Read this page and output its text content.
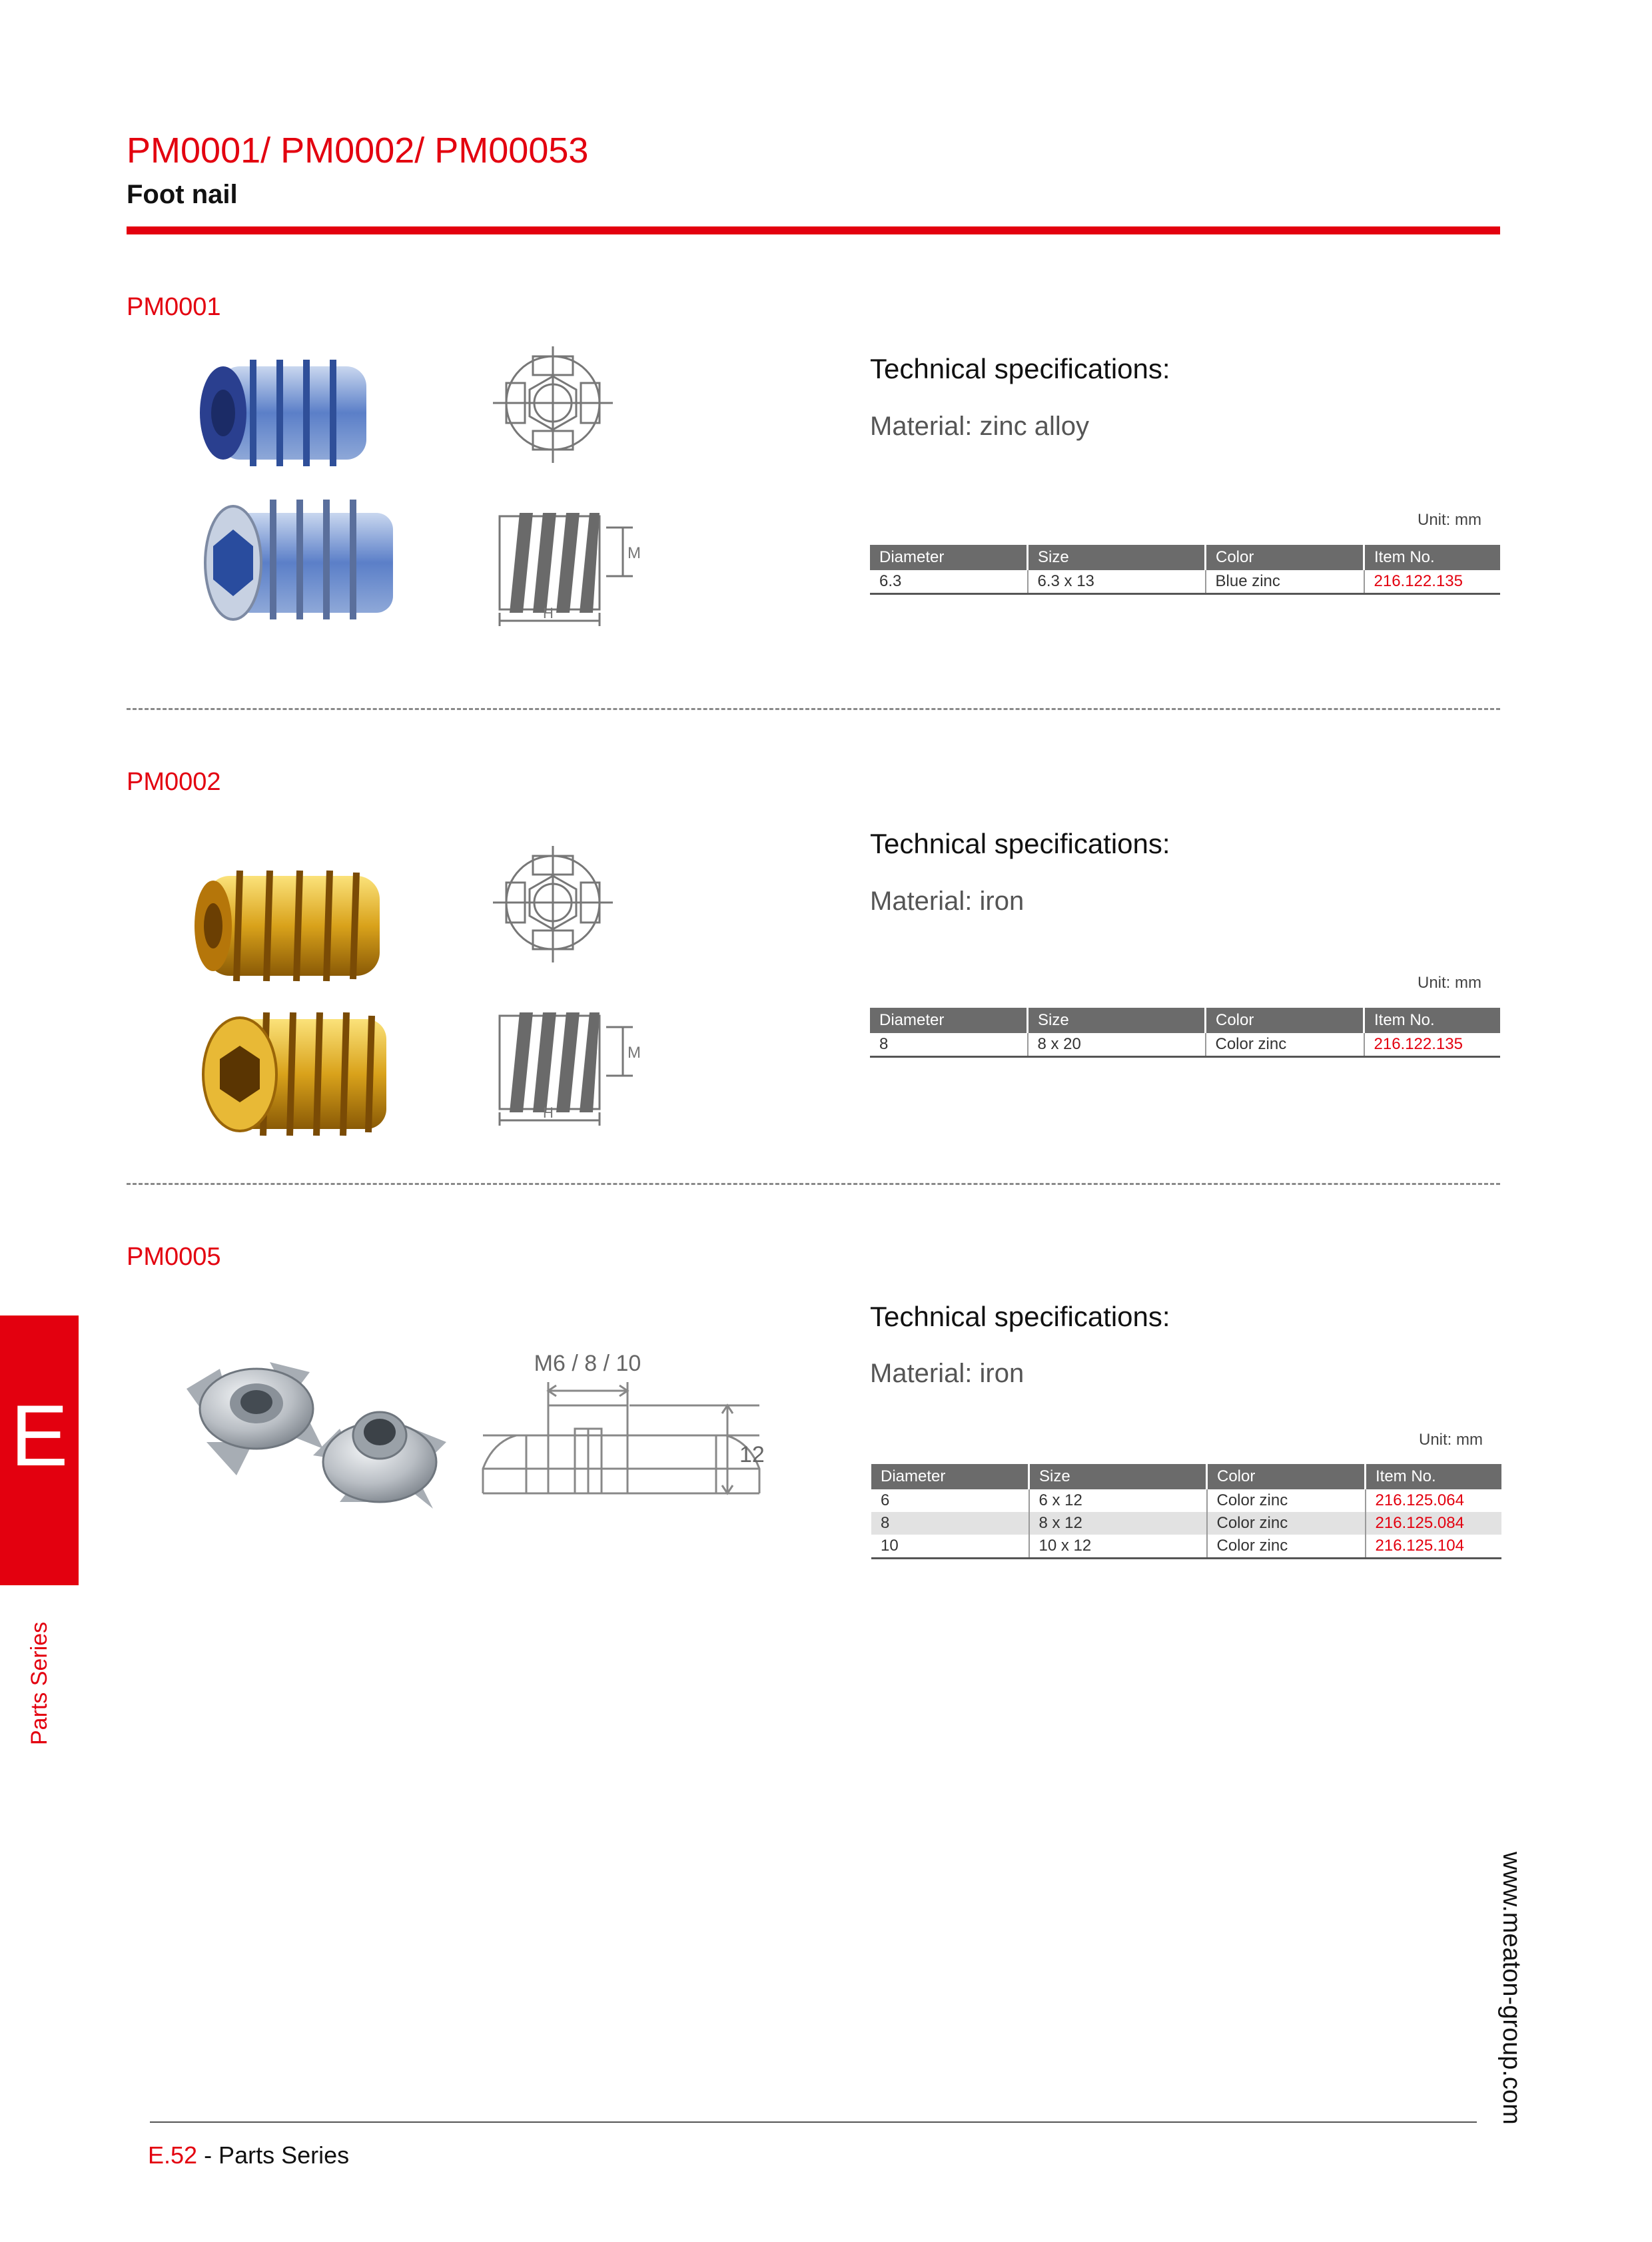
PM0001/ PM0002/ PM00053
Foot nail
PM0001
M
H
Technical specifications:
Material: zinc alloy
Unit: mm
Diameter	Size	Color	Item No.
6.3	6.3 x 13	Blue zinc	216.122.135
PM0002
M
H
Technical specifications:
Material: iron
Unit: mm
Diameter	Size	Color	Item No.
8	8 x 20	Color zinc	216.122.135
PM0005
M6 / 8 / 10
12
Technical specifications:
Material: iron
Unit: mm
Diameter	Size	Color	Item No.
6	6 x 12	Color zinc	216.125.064
8	8 x 12	Color zinc	216.125.084
10	10 x 12	Color zinc	216.125.104
E
Parts Series
www.meaton-group.com
E.52 - Parts Series
